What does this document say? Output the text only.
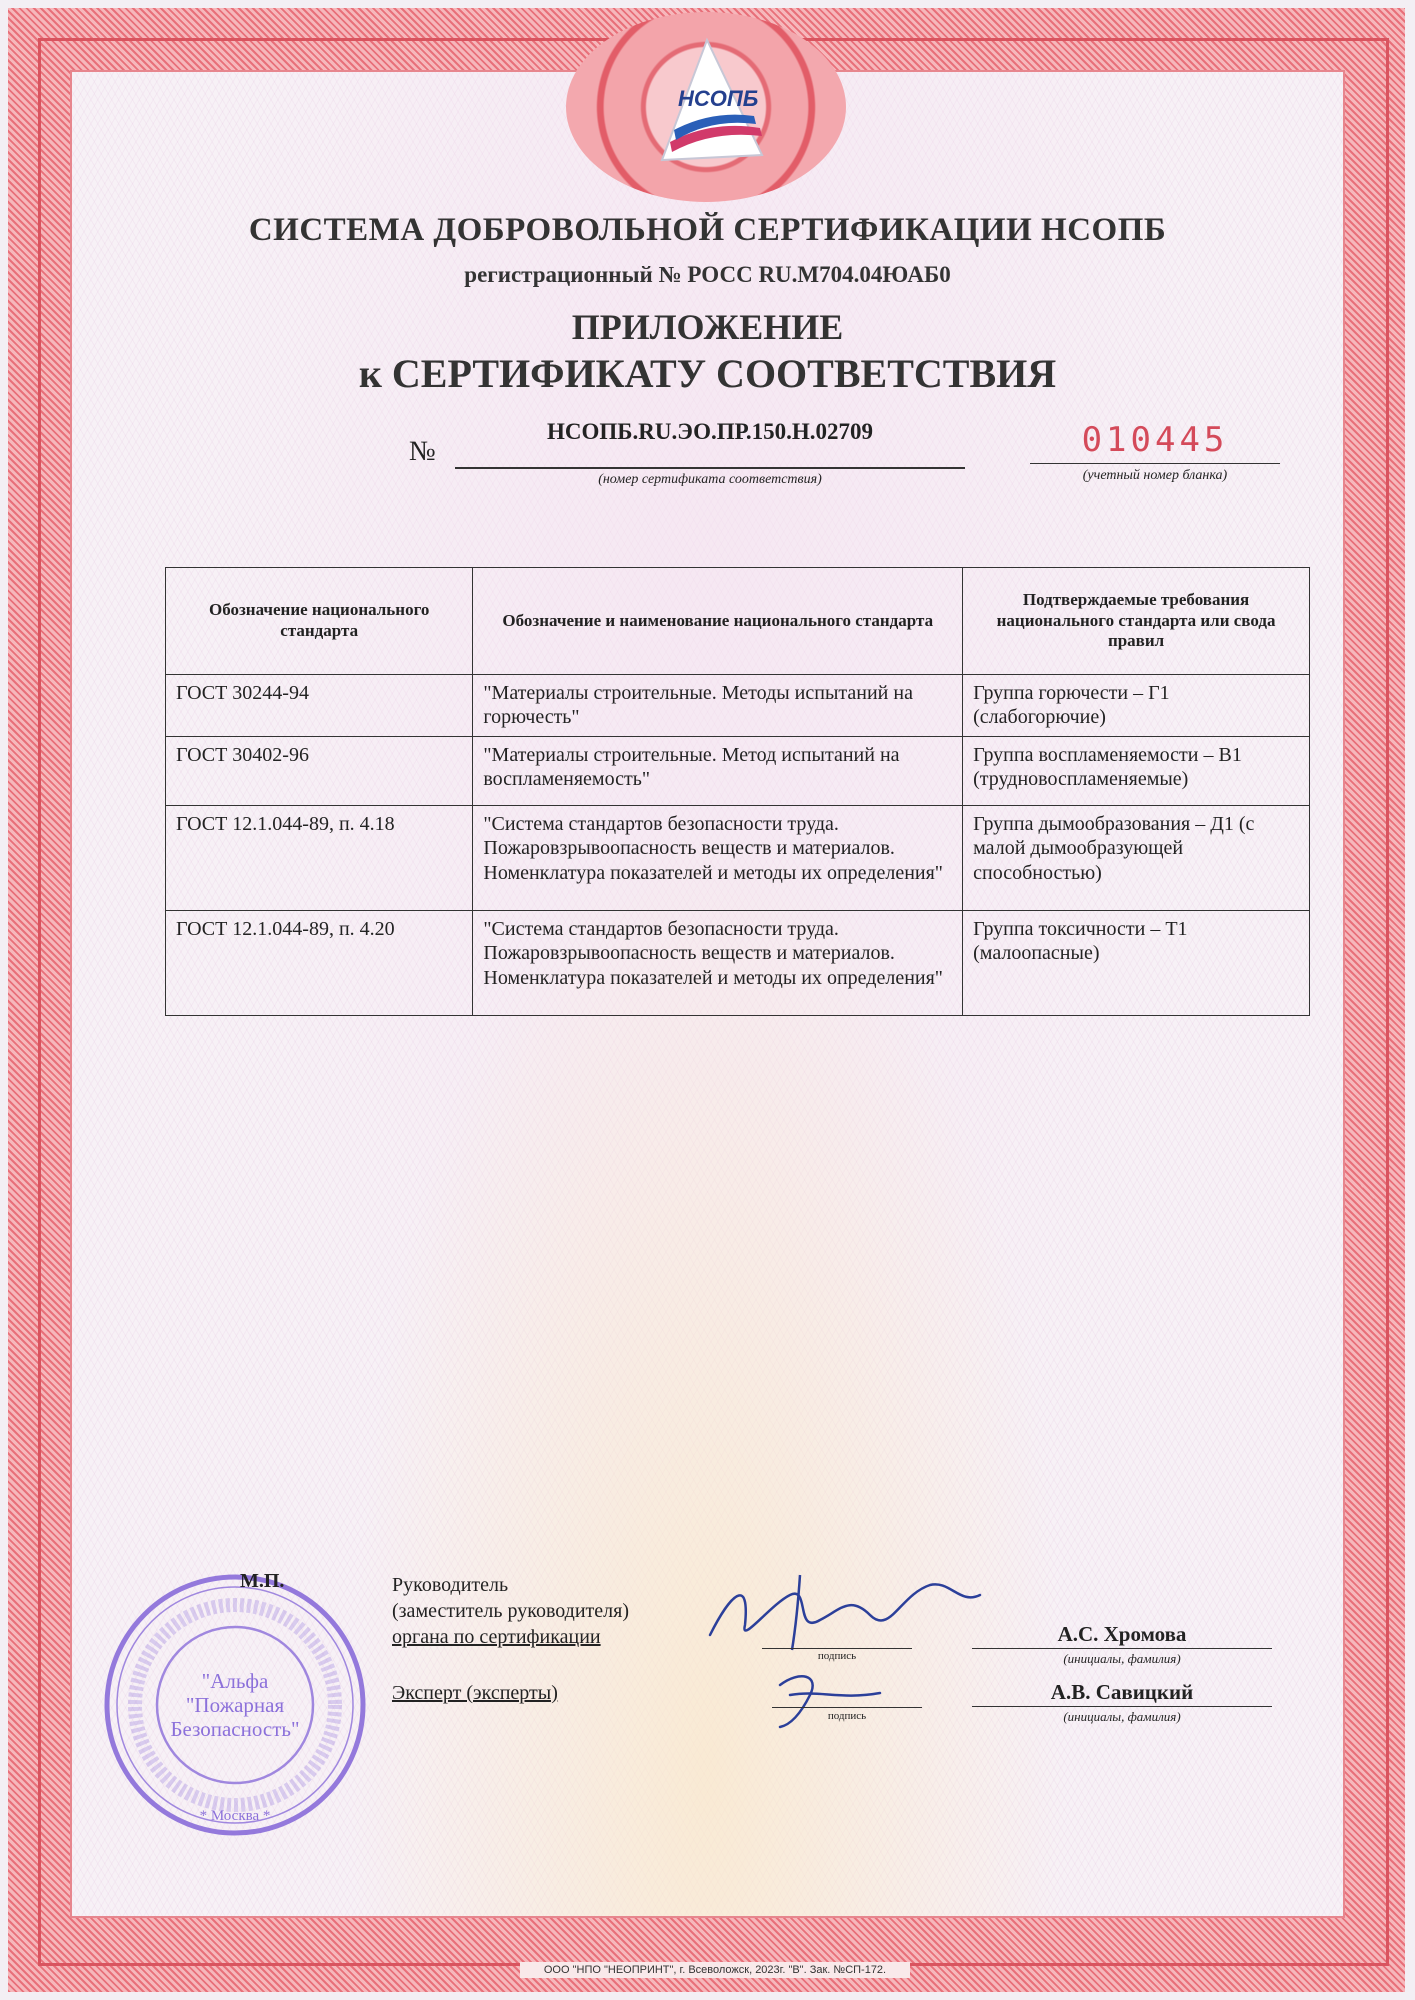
НСОПБ
СИСТЕМА ДОБРОВОЛЬНОЙ СЕРТИФИКАЦИИ НСОПБ
регистрационный № РОСС RU.М704.04ЮАБ0
ПРИЛОЖЕНИЕ
к СЕРТИФИКАТУ СООТВЕТСТВИЯ
№
НСОПБ.RU.ЭО.ПР.150.Н.02709
(номер сертификата соответствия)
010445
(учетный номер бланка)
Обозначение национального стандарта	Обозначение и наименование национального стандарта	Подтверждаемые требования национального стандарта или свода правил
ГОСТ 30244-94	"Материалы строительные. Методы испытаний на горючесть"	Группа горючести – Г1 (слабогорючие)
ГОСТ 30402-96	"Материалы строительные. Метод испытаний на воспламеняемость"	Группа воспламеняемости – В1 (трудновоспламеняемые)
ГОСТ 12.1.044-89, п. 4.18	"Система стандартов безопасности труда. Пожаровзрывоопасность веществ и материалов. Номенклатура показателей и методы их определения"	Группа дымообразования – Д1 (с малой дымообразующей способностью)
ГОСТ 12.1.044-89, п. 4.20	"Система стандартов безопасности труда. Пожаровзрывоопасность веществ и материалов. Номенклатура показателей и методы их определения"	Группа токсичности – Т1 (малоопасные)
"Альфа
"Пожарная
Безопасность"
* Москва *
М.П.	Руководитель
(заместитель руководителя)
органа по сертификации
Эксперт (эксперты)
подпись
подпись
А.С. Хромова
(инициалы, фамилия)
А.В. Савицкий
(инициалы, фамилия)
ООО "НПО "НЕОПРИНТ", г. Всеволожск, 2023г. "В". Зак. №СП-172.
